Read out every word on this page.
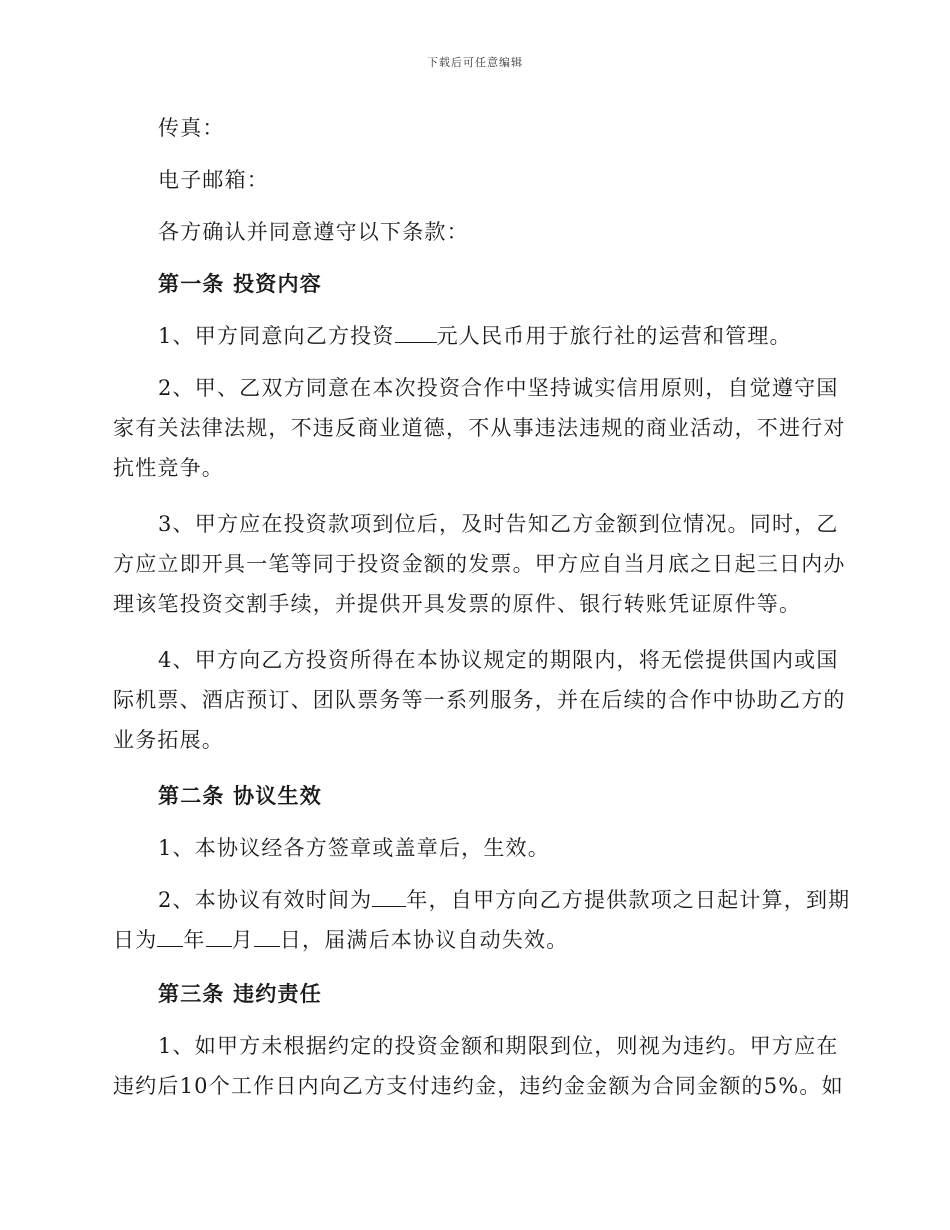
下载后可任意编辑
传真：
电子邮箱：
各方确认并同意遵守以下条款：
第一条 投资内容
1、甲方同意向乙方投资 元人民币用于旅行社的运营和管理。
2、甲、乙双方同意在本次投资合作中坚持诚实信用原则，自觉遵守国
家有关法律法规，不违反商业道德，不从事违法违规的商业活动，不进行对
抗性竞争。
3、甲方应在投资款项到位后，及时告知乙方金额到位情况。同时，乙
方应立即开具一笔等同于投资金额的发票。甲方应自当月底之日起三日内办
理该笔投资交割手续，并提供开具发票的原件、银行转账凭证原件等。
4、甲方向乙方投资所得在本协议规定的期限内，将无偿提供国内或国
际机票、酒店预订、团队票务等一系列服务，并在后续的合作中协助乙方的
业务拓展。
第二条 协议生效
1、本协议经各方签章或盖章后，生效。
2、本协议有效时间为 年，自甲方向乙方提供款项之日起计算，到期
日为 年 月 日，届满后本协议自动失效。
第三条 违约责任
1、如甲方未根据约定的投资金额和期限到位，则视为违约。甲方应在
违约后10个工作日内向乙方支付违约金，违约金金额为合同金额的5%。如
